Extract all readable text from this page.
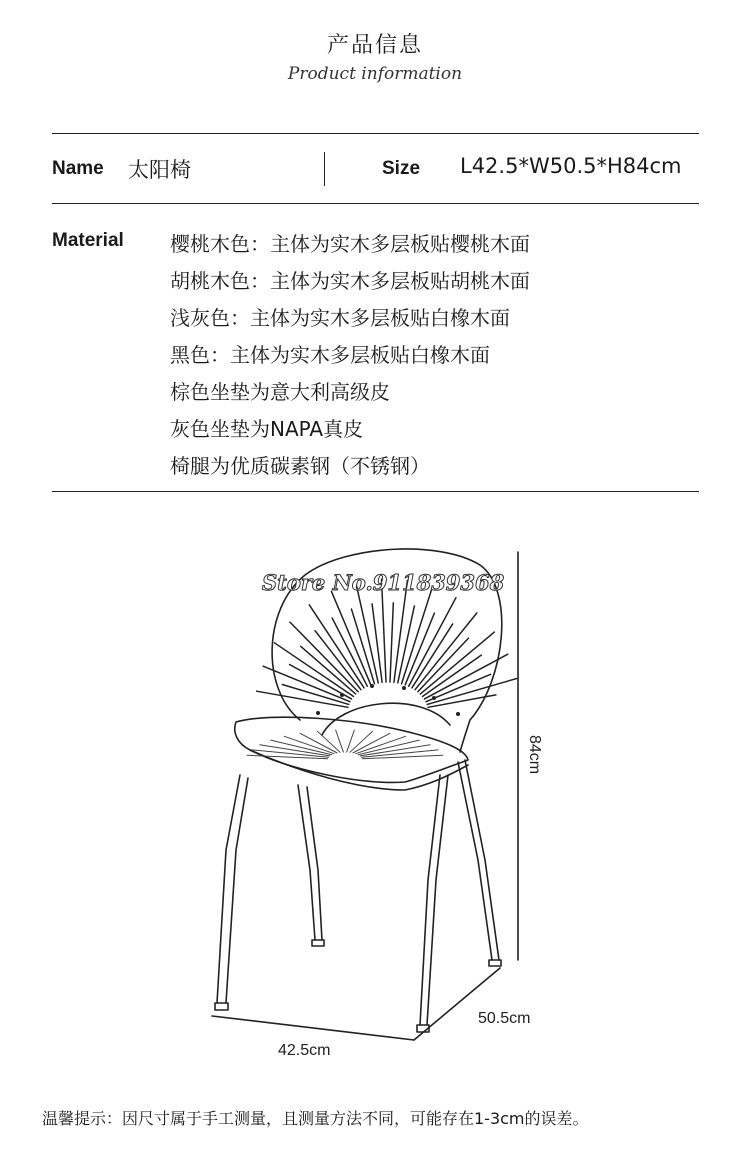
产品信息
Product information
Name 太阳椅	Size L42.5*W50.5*H84cm
Material 樱桃木色：主体为实木多层板贴樱桃木面
胡桃木色：主体为实木多层板贴胡桃木面
浅灰色：主体为实木多层板贴白橡木面
黑色：主体为实木多层板贴白橡木面
棕色坐垫为意大利高级皮
灰色坐垫为NAPA真皮
椅腿为优质碳素钢（不锈钢）
Store No.911839368
84cm
50.5cm
42.5cm
温馨提示：因尺寸属于手工测量，且测量方法不同，可能存在1-3cm的误差。
